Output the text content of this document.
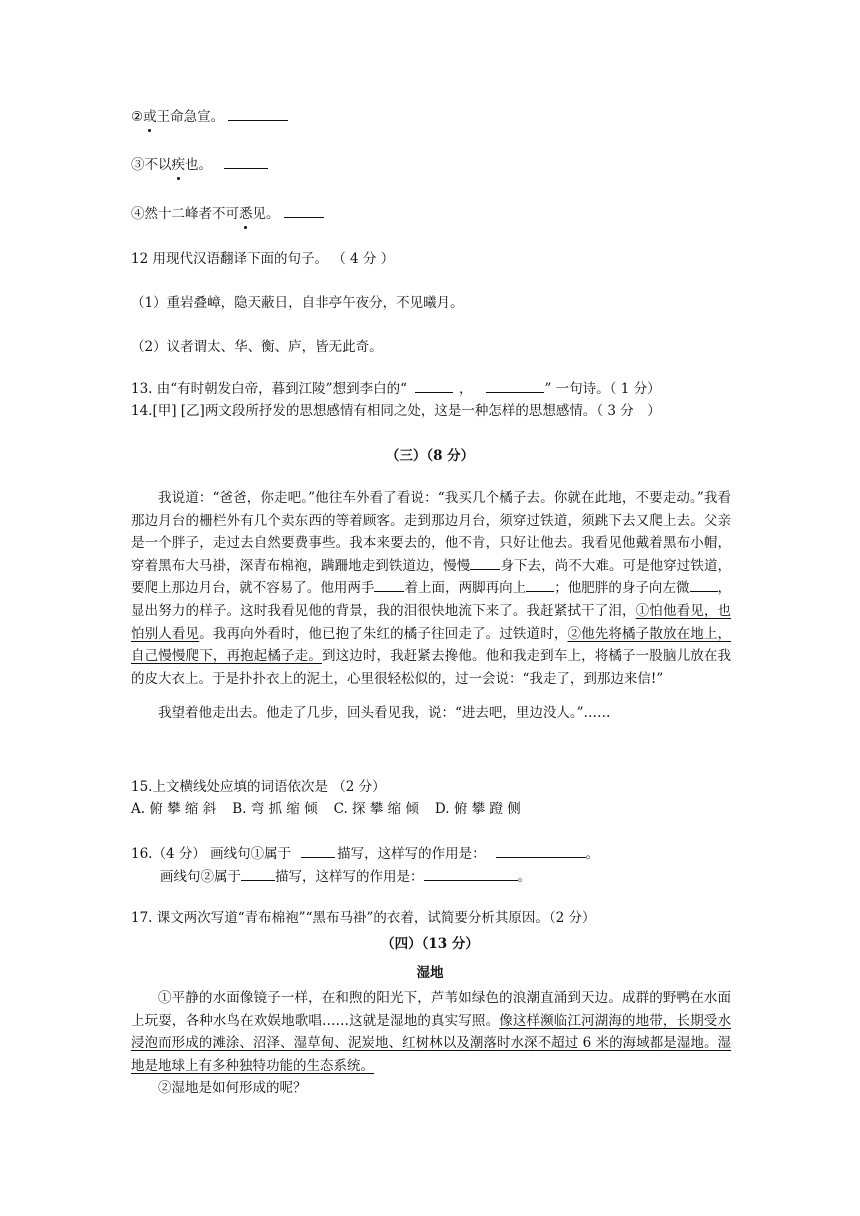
②或王命急宣。
③不以疾也。
④然十二峰者不可悉见。
12 用现代汉语翻译下面的句子。 （ 4 分 ）
（1）重岩叠嶂，隐天蔽日，自非亭午夜分，不见曦月。
（2）议者谓太、华、衡、庐，皆无此奇。
13. 由“有时朝发白帝，暮到江陵”想到李白的“	，	” 一句诗。（ 1 分）
14.[甲] [乙]两文段所抒发的思想感情有相同之处，这是一种怎样的思想感情。（ 3 分　）
（三）（8 分）

我说道：“爸爸，你走吧。”他往车外看了看说：“我买几个橘子去。你就在此地，不要走动。”我看那边月台的栅栏外有几个卖东西的等着顾客。走到那边月台，须穿过铁道，须跳下去又爬上去。父亲是一个胖子，走过去自然要费事些。我本来要去的，他不肯，只好让他去。我看见他戴着黑布小帽，穿着黑布大马褂，深青布棉袍，蹒跚地走到铁道边，慢慢 身下去，尚不大难。可是他穿过铁道，要爬上那边月台，就不容易了。他用两手 着上面，两脚再向上 ；他肥胖的身子向左微 ，显出努力的样子。这时我看见他的背景，我的泪很快地流下来了。我赶紧拭干了泪，①怕他看见，也怕别人看见。我再向外看时，他已抱了朱红的橘子往回走了。过铁道时，②他先将橘子散放在地上，自己慢慢爬下，再抱起橘子走。到这边时，我赶紧去搀他。他和我走到车上，将橘子一股脑儿放在我的皮大衣上。于是扑扑衣上的泥土，心里很轻松似的，过一会说：“我走了，到那边来信!”

我望着他走出去。他走了几步，回头看见我，说：“进去吧，里边没人。”……

15.上文横线处应填的词语依次是 （2 分）
A. 俯 攀 缩 斜 B. 弯 抓 缩 倾 C. 探 攀 缩 倾 D. 俯 攀 蹬 侧
16.（4 分） 画线句①属于	描写，这样写的作用是：	。
画线句②属于	描写，这样写的作用是：	。
17. 课文两次写道“青布棉袍”“黑布马褂”的衣着，试简要分析其原因。（2 分）
（四）（13 分）
湿地

①平静的水面像镜子一样，在和煦的阳光下，芦苇如绿色的浪潮直涌到天边。成群的野鸭在水面上玩耍，各种水鸟在欢娱地歌唱……这就是湿地的真实写照。像这样濒临江河湖海的地带，长期受水浸泡而形成的滩涂、沼泽、湿草甸、泥炭地、红树林以及潮落时水深不超过 6 米的海域都是湿地。湿地是地球上有多种独特功能的生态系统。

②湿地是如何形成的呢？
